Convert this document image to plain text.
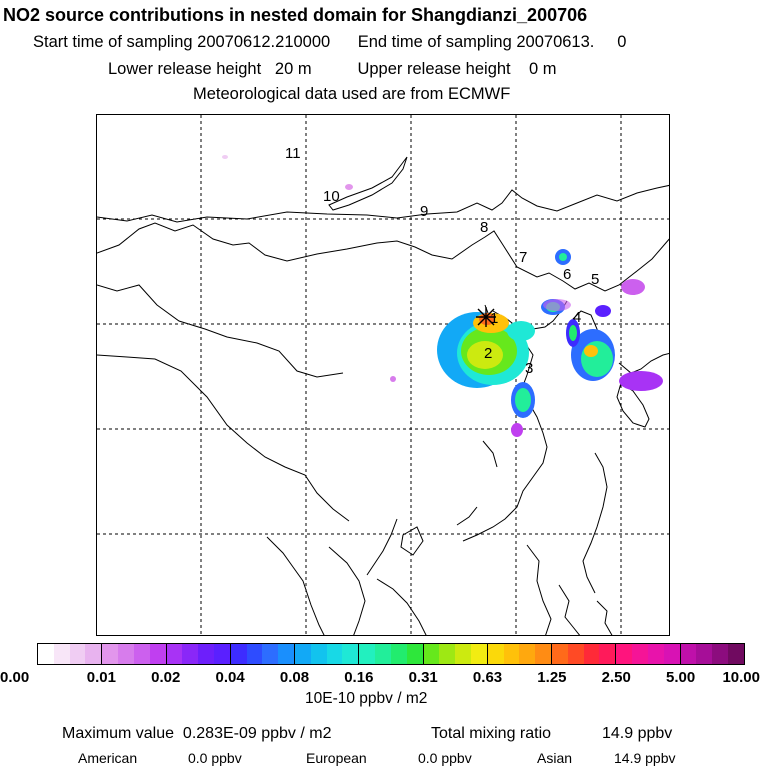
NO2 source contributions in nested domain for Shangdianzi_200706
Start time of sampling 20070612.210000      End time of sampling 20070613.     0
Lower release height   20 m          Upper release height    0 m
Meteorological data used are from ECMWF
1
2
3
4
5
6
7
8
9
10
11
0.00	0.01 0.02 0.04 0.08 0.16 0.31 0.63 1.25 2.50 5.00 10.00
10E-10 ppbv / m2
Maximum value  0.283E-09 ppbv / m2	Total mixing ratio	14.9 ppbv
American	0.0 ppbv	European	0.0 ppbv	Asian	14.9 ppbv
